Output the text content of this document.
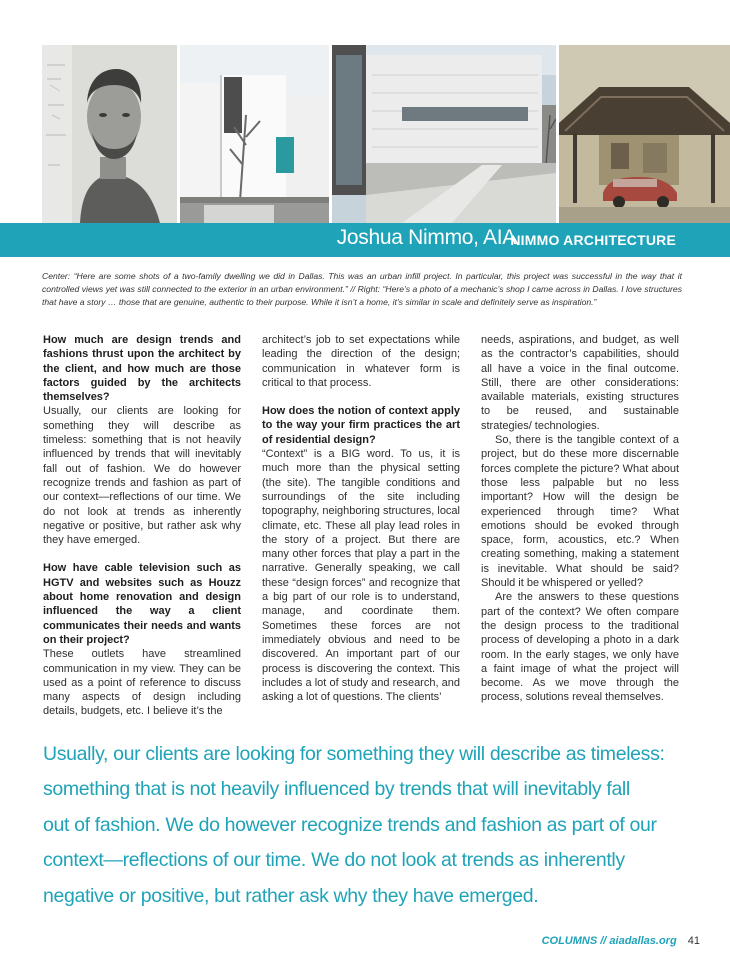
Joshua Nimmo, AIA
NIMMO ARCHITECTURE
Center: “Here are some shots of a two-family dwelling we did in Dallas. This was an urban infill project. In particular, this project was successful in the way that it controlled views yet was still connected to the exterior in an urban environment.” // Right: “Here’s a photo of a mechanic’s shop I came across in Dallas. I love structures that have a story … those that are genuine, authentic to their purpose. While it isn’t a home, it’s similar in scale and definitely serve as inspiration.”
How much are design trends and fashions thrust upon the architect by the client, and how much are those factors guided by the architects themselves?

Usually, our clients are looking for something they will describe as timeless: something that is not heavily influenced by trends that will inevitably fall out of fashion. We do however recognize trends and fashion as part of our context—reflections of our time. We do not look at trends as inherently negative or positive, but rather ask why they have emerged.

How have cable television such as HGTV and websites such as Houzz about home renovation and design influenced the way a client communicates their needs and wants on their project?

These outlets have streamlined communication in my view. They can be used as a point of reference to discuss many aspects of design including details, budgets, etc. I believe it’s the

architect’s job to set expectations while leading the direction of the design; communication in whatever form is critical to that process.

How does the notion of context apply to the way your firm practices the art of residential design?

“Context” is a BIG word. To us, it is much more than the physical setting (the site). The tangible conditions and surroundings of the site including topography, neighboring structures, local climate, etc. These all play lead roles in the story of a project. But there are many other forces that play a part in the narrative. Generally speaking, we call these “design forces” and recognize that a big part of our role is to understand, manage, and coordinate them. Sometimes these forces are not immediately obvious and need to be discovered. An important part of our process is discovering the context. This includes a lot of study and research, and asking a lot of questions. The clients’

needs, aspirations, and budget, as well as the contractor’s capabilities, should all have a voice in the final outcome. Still, there are other considerations: available materials, existing structures to be reused, and sustainable strategies/ technologies.

So, there is the tangible context of a project, but do these more discernable forces complete the picture? What about those less palpable but no less important? How will the design be experienced through time? What emotions should be evoked through space, form, acoustics, etc.? When creating something, making a statement is inevitable. What should be said? Should it be whispered or yelled?

Are the answers to these questions part of the context? We often compare the design process to the traditional process of developing a photo in a dark room. In the early stages, we only have a faint image of what the project will become. As we move through the process, solutions reveal themselves.

Usually, our clients are looking for something they will describe as timeless:
something that is not heavily influenced by trends that will inevitably fall
out of fashion. We do however recognize trends and fashion as part of our
context—reflections of our time. We do not look at trends as inherently
negative or positive, but rather ask why they have emerged.
COLUMNS // aiadallas.org 41
